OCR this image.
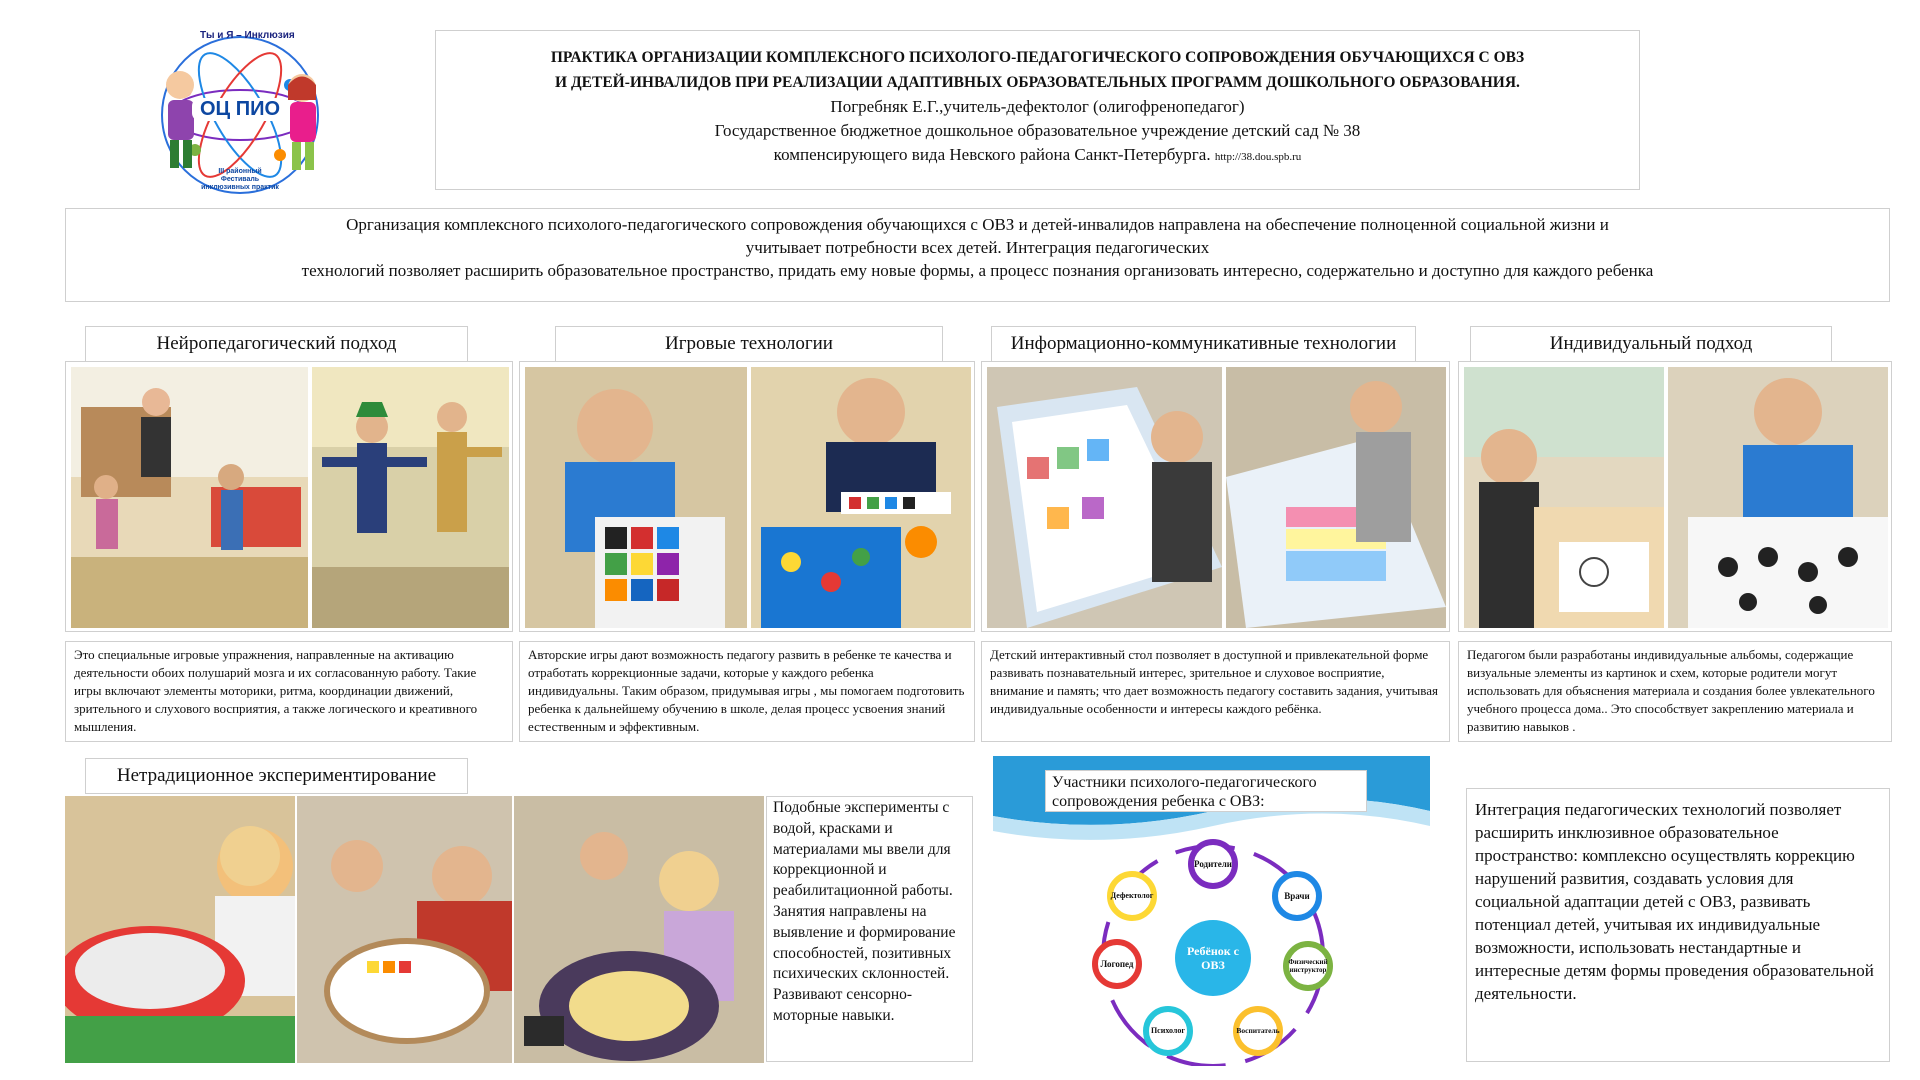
Ты и Я – Инклюзия
ОЦ ПИО
III районный
Фестиваль
инклюзивных практик
ПРАКТИКА ОРГАНИЗАЦИИ КОМПЛЕКСНОГО ПСИХОЛОГО-ПЕДАГОГИЧЕСКОГО СОПРОВОЖДЕНИЯ ОБУЧАЮЩИХСЯ С ОВЗ
И ДЕТЕЙ-ИНВАЛИДОВ ПРИ РЕАЛИЗАЦИИ АДАПТИВНЫХ ОБРАЗОВАТЕЛЬНЫХ ПРОГРАММ ДОШКОЛЬНОГО ОБРАЗОВАНИЯ.
Погребняк Е.Г.,учитель-дефектолог (олигофренопедагог)
Государственное бюджетное дошкольное образовательное учреждение детский сад № 38
компенсирующего вида Невского района Санкт-Петербурга. http://38.dou.spb.ru
Организация комплексного психолого-педагогического сопровождения обучающихся с ОВЗ и детей-инвалидов направлена на обеспечение полноценной социальной жизни и
учитывает потребности всех детей. Интеграция педагогических
технологий позволяет расширить образовательное пространство, придать ему новые формы, а процесс познания организовать интересно, содержательно и доступно для каждого ребенка
Нейропедагогический подход
Это специальные игровые упражнения, направленные на активацию деятельности обоих полушарий мозга и их согласованную работу. Такие игры включают элементы моторики, ритма, координации движений, зрительного и слухового восприятия, а также логического и креативного мышления.
Игровые технологии
Авторские игры дают возможность педагогу развить в ребенке те качества и отработать коррекционные задачи, которые у каждого ребенка индивидуальны. Таким образом, придумывая игры , мы помогаем подготовить ребенка к дальнейшему обучению в школе, делая процесс усвоения знаний естественным и эффективным.
Информационно-коммуникативные технологии
Детский интерактивный стол позволяет в доступной и привлекательной форме развивать познавательный интерес, зрительное и слуховое восприятие, внимание и память; что дает возможность педагогу составить задания, учитывая индивидуальные особенности и интересы каждого ребёнка.
Индивидуальный подход
Педагогом были разработаны индивидуальные альбомы, содержащие визуальные элементы из картинок и схем, которые родители могут использовать для объяснения материала и создания более увлекательного учебного процесса дома.. Это способствует закреплению материала и развитию навыков .
Нетрадиционное экспериментирование
Подобные эксперименты с водой, красками и материалами мы ввели для коррекционной и реабилитационной работы. Занятия направлены на выявление и формирование способностей, позитивных психических склонностей. Развивают сенсорно-моторные навыки.
Участники психолого-педагогического сопровождения ребенка с ОВЗ:
Ребёнок с ОВЗ
Родители
Врачи
Физический инструктор
Воспитатель
Психолог
Логопед
Дефектолог
Интеграция педагогических технологий позволяет расширить инклюзивное образовательное пространство: комплексно осуществлять коррекцию нарушений развития, создавать условия для социальной адаптации детей с ОВЗ, развивать потенциал детей, учитывая их индивидуальные возможности, использовать нестандартные и интересные детям формы проведения образовательной деятельности.
